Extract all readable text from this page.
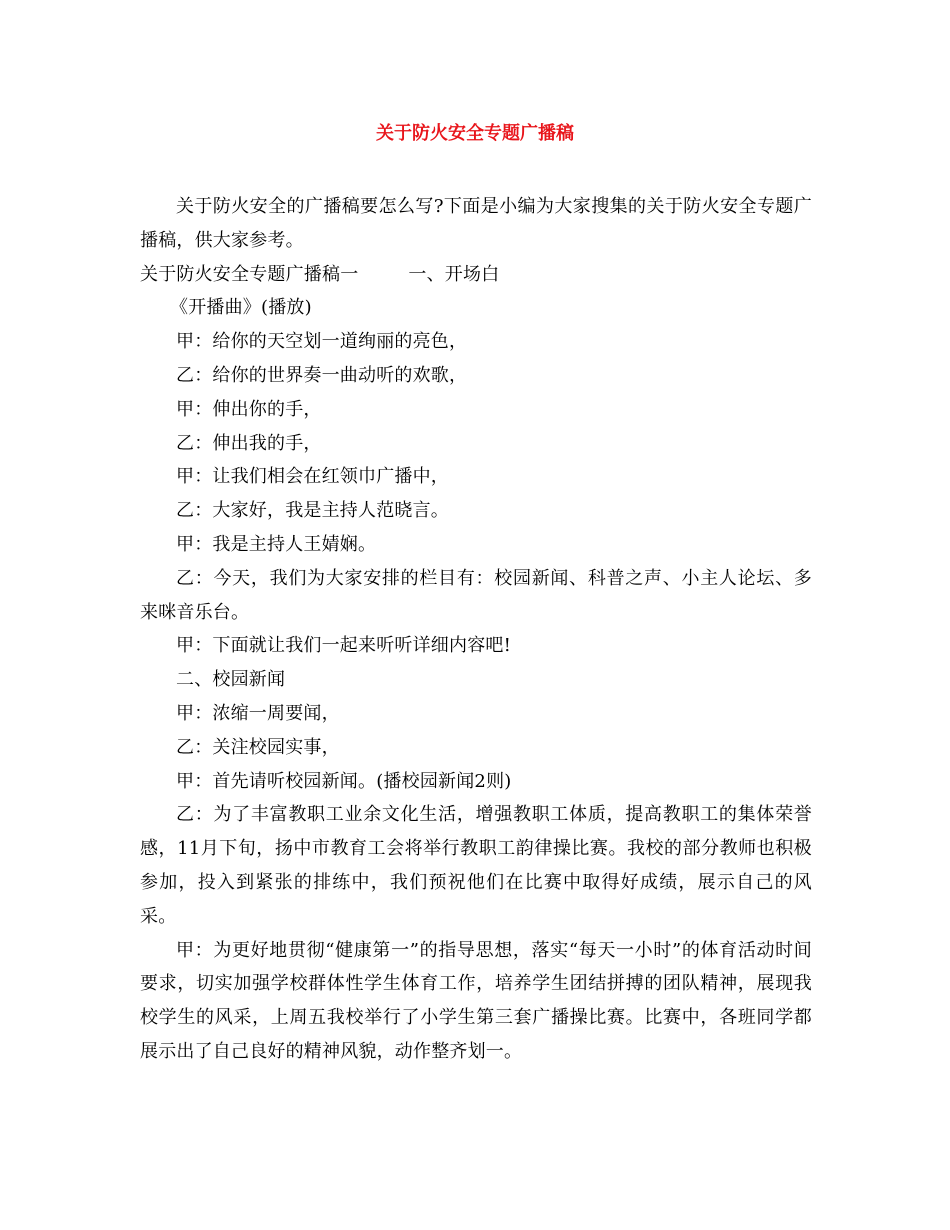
关于防火安全专题广播稿

关于防火安全的广播稿要怎么写?下面是小编为大家搜集的关于防火安全专题广播稿，供大家参考。

关于防火安全专题广播稿一	一、开场白

《开播曲》(播放)

甲：给你的天空划一道绚丽的亮色，

乙：给你的世界奏一曲动听的欢歌，

甲：伸出你的手，

乙：伸出我的手，

甲：让我们相会在红领巾广播中，

乙：大家好，我是主持人范晓言。

甲：我是主持人王婧娴。

乙：今天，我们为大家安排的栏目有：校园新闻、科普之声、小主人论坛、多来咪音乐台。

甲：下面就让我们一起来听听详细内容吧!

二、校园新闻

甲：浓缩一周要闻，

乙：关注校园实事，

甲：首先请听校园新闻。(播校园新闻2则)

乙：为了丰富教职工业余文化生活，增强教职工体质，提高教职工的集体荣誉感，11月下旬，扬中市教育工会将举行教职工韵律操比赛。我校的部分教师也积极参加，投入到紧张的排练中，我们预祝他们在比赛中取得好成绩，展示自己的风采。

甲：为更好地贯彻“健康第一”的指导思想，落实“每天一小时”的体育活动时间要求，切实加强学校群体性学生体育工作，培养学生团结拼搏的团队精神，展现我校学生的风采，上周五我校举行了小学生第三套广播操比赛。比赛中，各班同学都展示出了自己良好的精神风貌，动作整齐划一。
